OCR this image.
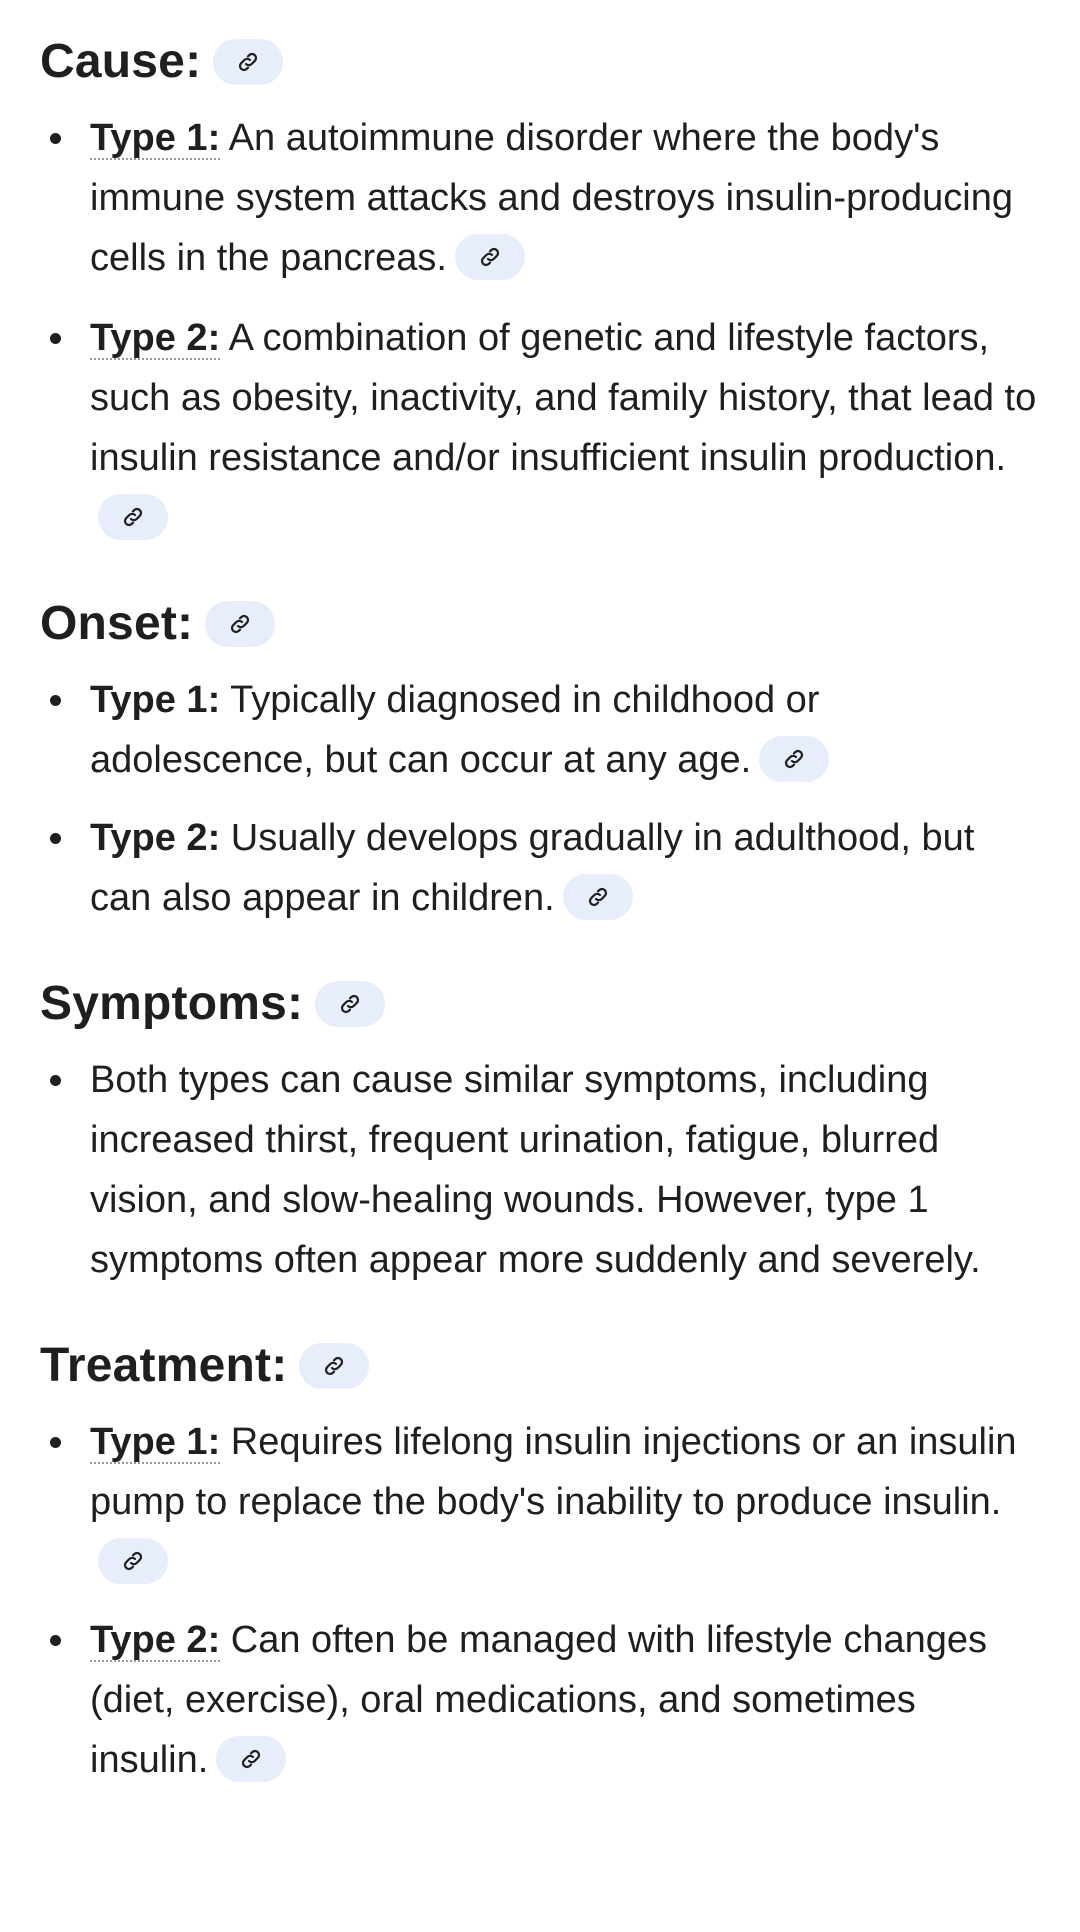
Cause:
Type 1: An autoimmune disorder where the body's immune system attacks and destroys insulin-producing cells in the pancreas.
Type 2: A combination of genetic and lifestyle factors, such as obesity, inactivity, and family history, that lead to insulin resistance and/or insufficient insulin production.
Onset:
Type 1: Typically diagnosed in childhood or adolescence, but can occur at any age.
Type 2: Usually develops gradually in adulthood, but can also appear in children.
Symptoms:
Both types can cause similar symptoms, including increased thirst, frequent urination, fatigue, blurred vision, and slow-healing wounds. However, type 1 symptoms often appear more suddenly and severely.
Treatment:
Type 1: Requires lifelong insulin injections or an insulin pump to replace the body's inability to produce insulin.
Type 2: Can often be managed with lifestyle changes (diet, exercise), oral medications, and sometimes insulin.
